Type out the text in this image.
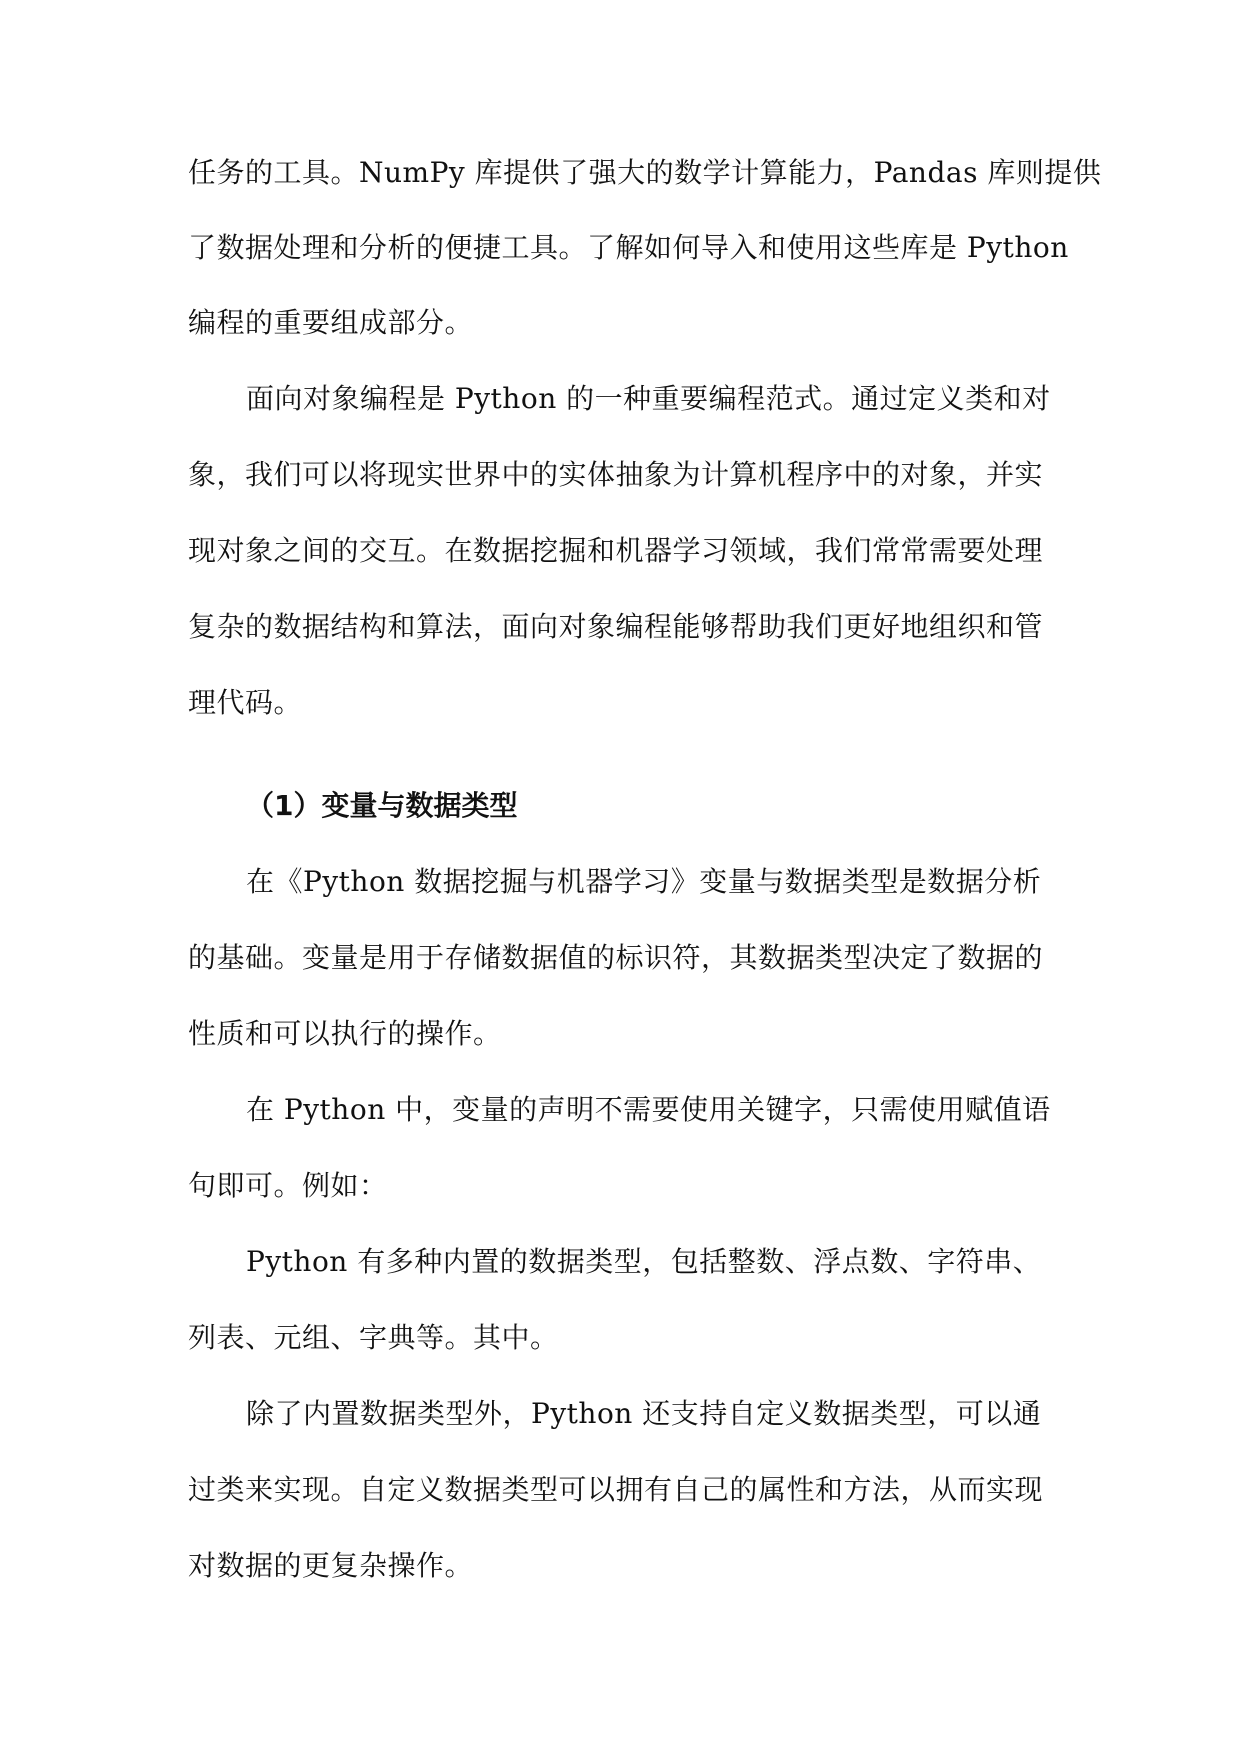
任务的工具。NumPy 库提供了强大的数学计算能力，Pandas 库则提供
了数据处理和分析的便捷工具。了解如何导入和使用这些库是 Python
编程的重要组成部分。
面向对象编程是 Python 的一种重要编程范式。通过定义类和对
象，我们可以将现实世界中的实体抽象为计算机程序中的对象，并实
现对象之间的交互。在数据挖掘和机器学习领域，我们常常需要处理
复杂的数据结构和算法，面向对象编程能够帮助我们更好地组织和管
理代码。
（1）变量与数据类型
在《Python 数据挖掘与机器学习》变量与数据类型是数据分析
的基础。变量是用于存储数据值的标识符，其数据类型决定了数据的
性质和可以执行的操作。
在 Python 中，变量的声明不需要使用关键字，只需使用赋值语
句即可。例如：
Python 有多种内置的数据类型，包括整数、浮点数、字符串、
列表、元组、字典等。其中。
除了内置数据类型外，Python 还支持自定义数据类型，可以通
过类来实现。自定义数据类型可以拥有自己的属性和方法，从而实现
对数据的更复杂操作。
